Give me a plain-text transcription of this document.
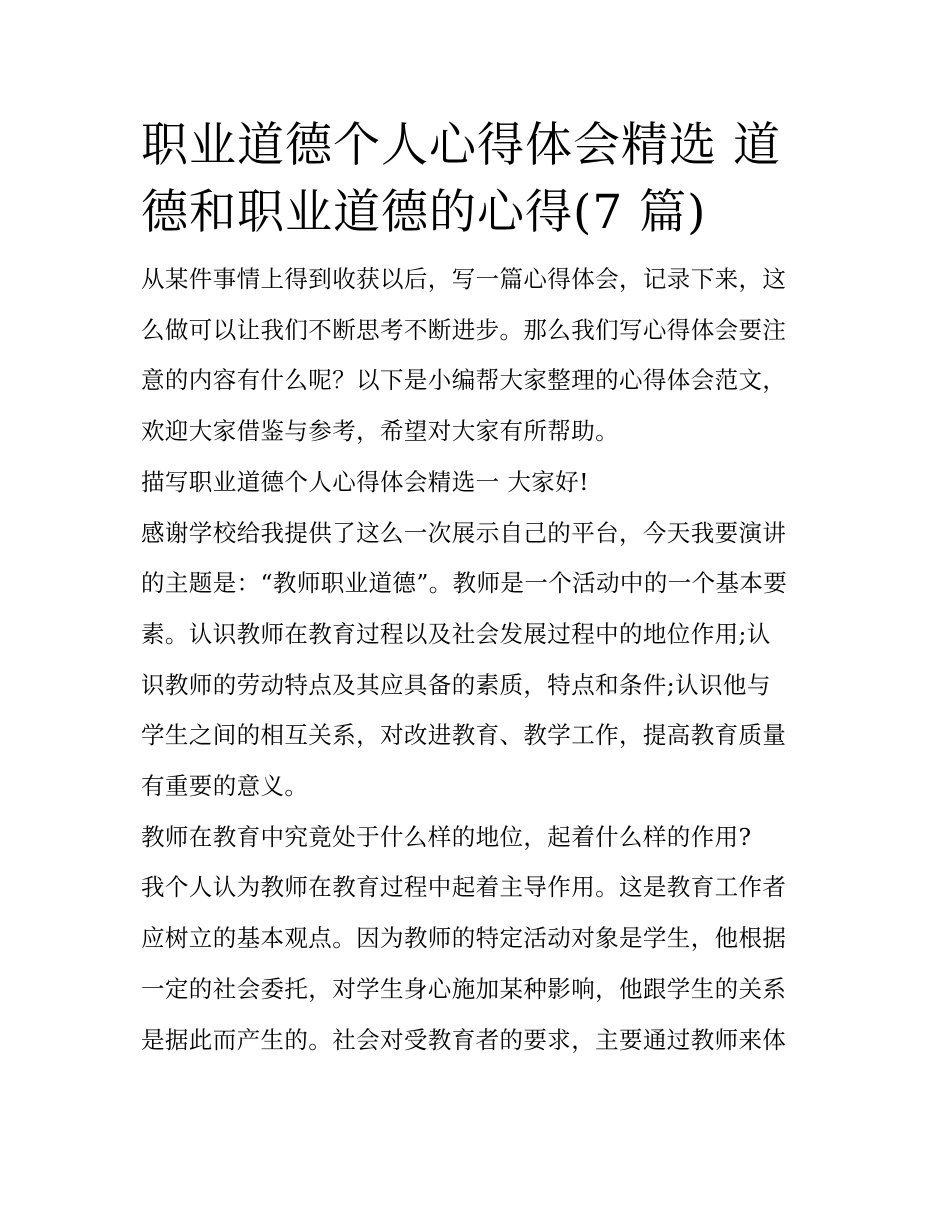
职业道德个人心得体会精选 道
德和职业道德的心得(7 篇)

从某件事情上得到收获以后，写一篇心得体会，记录下来，这
么做可以让我们不断思考不断进步。那么我们写心得体会要注
意的内容有什么呢？以下是小编帮大家整理的心得体会范文，
欢迎大家借鉴与参考，希望对大家有所帮助。

描写职业道德个人心得体会精选一 大家好!

感谢学校给我提供了这么一次展示自己的平台，今天我要演讲
的主题是：“教师职业道德”。教师是一个活动中的一个基本要
素。认识教师在教育过程以及社会发展过程中的地位作用;认
识教师的劳动特点及其应具备的素质，特点和条件;认识他与
学生之间的相互关系，对改进教育、教学工作，提高教育质量
有重要的意义。

教师在教育中究竟处于什么样的地位，起着什么样的作用?

我个人认为教师在教育过程中起着主导作用。这是教育工作者
应树立的基本观点。因为教师的特定活动对象是学生，他根据
一定的社会委托，对学生身心施加某种影响，他跟学生的关系
是据此而产生的。社会对受教育者的要求，主要通过教师来体
